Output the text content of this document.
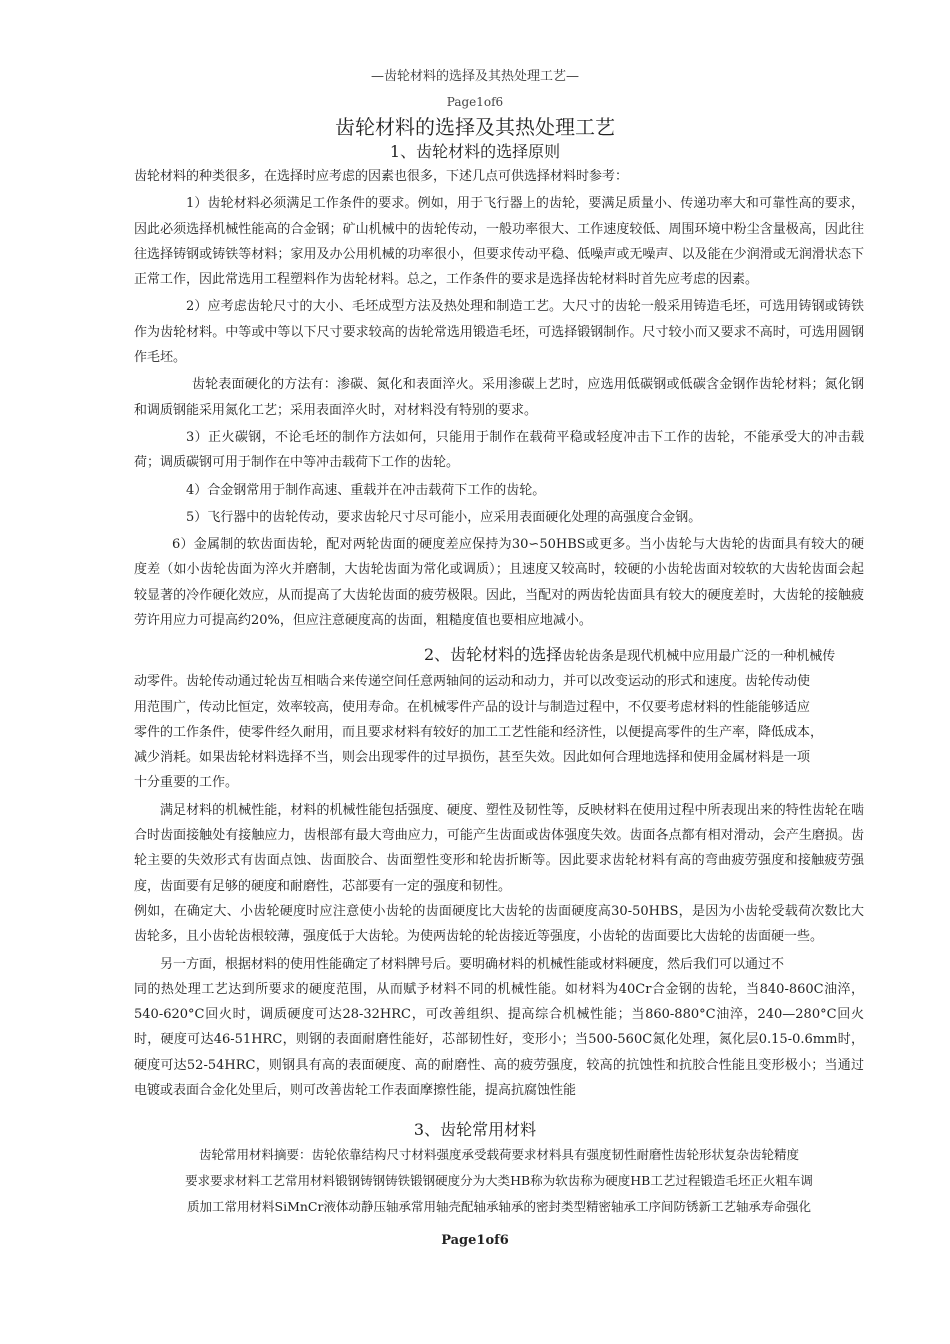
—齿轮材料的选择及其热处理工艺—
Page1of6
齿轮材料的选择及其热处理工艺
1、齿轮材料的选择原则

齿轮材料的种类很多，在选择时应考虑的因素也很多，下述几点可供选择材料时参考：

1）齿轮材料必须满足工作条件的要求。例如，用于飞行器上的齿轮，要满足质量小、传递功率大和可靠性高的要求，因此必须选择机械性能高的合金钢；矿山机械中的齿轮传动，一般功率很大、工作速度较低、周围环境中粉尘含量极高，因此往往选择铸钢或铸铁等材料；家用及办公用机械的功率很小，但要求传动平稳、低噪声或无噪声、以及能在少润滑或无润滑状态下正常工作，因此常选用工程塑料作为齿轮材料。总之，工作条件的要求是选择齿轮材料时首先应考虑的因素。

2）应考虑齿轮尺寸的大小、毛坯成型方法及热处理和制造工艺。大尺寸的齿轮一般采用铸造毛坯，可选用铸钢或铸铁作为齿轮材料。中等或中等以下尺寸要求较高的齿轮常选用锻造毛坯，可选择锻钢制作。尺寸较小而又要求不高时，可选用圆钢作毛坯。

齿轮表面硬化的方法有：渗碳、氮化和表面淬火。采用渗碳上艺时，应选用低碳钢或低碳含金钢作齿轮材料；氮化钢和调质钢能采用氮化工艺；采用表面淬火时，对材料没有特别的要求。

3）正火碳钢，不论毛坯的制作方法如何，只能用于制作在载荷平稳或轻度冲击下工作的齿轮，不能承受大的冲击载荷；调质碳钢可用于制作在中等冲击载荷下工作的齿轮。

4）合金钢常用于制作高速、重载并在冲击载荷下工作的齿轮。

5）飞行器中的齿轮传动，要求齿轮尺寸尽可能小，应采用表面硬化处理的高强度合金钢。

6）金属制的软齿面齿轮，配对两轮齿面的硬度差应保持为30∽50HBS或更多。当小齿轮与大齿轮的齿面具有较大的硬度差（如小齿轮齿面为淬火并磨制，大齿轮齿面为常化或调质）；且速度又较高时，较硬的小齿轮齿面对较软的大齿轮齿面会起较显著的冷作硬化效应，从而提高了大齿轮齿面的疲劳极限。因此，当配对的两齿轮齿面具有较大的硬度差时，大齿轮的接触疲劳许用应力可提高约20%，但应注意硬度高的齿面，粗糙度值也要相应地减小。

2、齿轮材料的选择齿轮齿条是现代机械中应用最广泛的一种机械传
动零件。齿轮传动通过轮齿互相啮合来传递空间任意两轴间的运动和动力，并可以改变运动的形式和速度。齿轮传动使
用范围广，传动比恒定，效率较高，使用寿命。在机械零件产品的设计与制造过程中，不仅要考虑材料的性能能够适应
零件的工作条件，使零件经久耐用，而且要求材料有较好的加工工艺性能和经济性，以便提高零件的生产率，降低成本，
减少消耗。如果齿轮材料选择不当，则会出现零件的过早损伤，甚至失效。因此如何合理地选择和使用金属材料是一项
十分重要的工作。

满足材料的机械性能，材料的机械性能包括强度、硬度、塑性及韧性等，反映材料在使用过程中所表现出来的特性齿轮在啮合时齿面接触处有接触应力，齿根部有最大弯曲应力，可能产生齿面或齿体强度失效。齿面各点都有相对滑动，会产生磨损。齿轮主要的失效形式有齿面点蚀、齿面胶合、齿面塑性变形和轮齿折断等。因此要求齿轮材料有高的弯曲疲劳强度和接触疲劳强度，齿面要有足够的硬度和耐磨性，芯部要有一定的强度和韧性。

例如，在确定大、小齿轮硬度时应注意使小齿轮的齿面硬度比大齿轮的齿面硬度高30-50HBS，是因为小齿轮受载荷次数比大齿轮多，且小齿轮齿根较薄，强度低于大齿轮。为使两齿轮的轮齿接近等强度，小齿轮的齿面要比大齿轮的齿面硬一些。

另一方面，根据材料的使用性能确定了材料牌号后。要明确材料的机械性能或材料硬度，然后我们可以通过不
同的热处理工艺达到所要求的硬度范围，从而赋予材料不同的机械性能。如材料为40Cr合金钢的齿轮，当840-860C油淬，540-620°C回火时，调质硬度可达28-32HRC，可改善组织、提高综合机械性能；当860-880°C油淬，240—280°C回火时，硬度可达46-51HRC，则钢的表面耐磨性能好，芯部韧性好，变形小；当500-560C氮化处理，氮化层0.15-0.6mm时，硬度可达52-54HRC，则钢具有高的表面硬度、高的耐磨性、高的疲劳强度，较高的抗蚀性和抗胶合性能且变形极小；当通过电镀或表面合金化处里后，则可改善齿轮工作表面摩擦性能，提高抗腐蚀性能

3、齿轮常用材料
齿轮常用材料摘要：齿轮依靠结构尺寸材料强度承受载荷要求材料具有强度韧性耐磨性齿轮形状复杂齿轮精度
要求要求材料工艺常用材料锻钢铸钢铸铁锻钢硬度分为大类HB称为软齿称为硬度HB工艺过程锻造毛坯正火粗车调
质加工常用材料SiMnCr液体动静压轴承常用轴壳配轴承轴承的密封类型精密轴承工序间防锈新工艺轴承寿命强化
Page1of6
